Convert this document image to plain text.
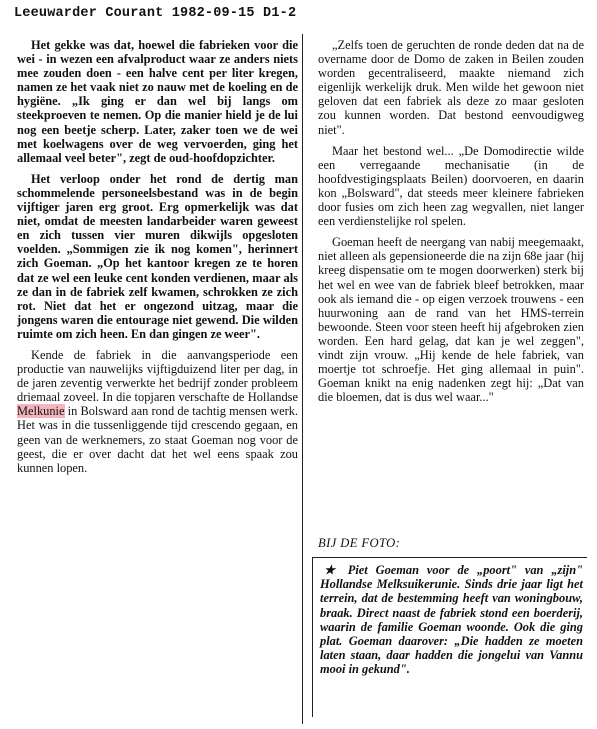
Leeuwarder Courant 1982-09-15 D1-2

Het gekke was dat, hoewel die fabrieken voor die wei - in wezen een afvalproduct waar ze anders niets mee zouden doen - een halve cent per liter kregen, namen ze het vaak niet zo nauw met de koeling en de hygiëne. „Ik ging er dan wel bij langs om steekproeven te nemen. Op die manier hield je de lui nog een beetje scherp. Later, zaker toen we de wei met koelwagens over de weg vervoerden, ging het allemaal veel beter", zegt de oud-hoofdopzichter.

Het verloop onder het rond de dertig man schommelende personeelsbestand was in de begin vijftiger jaren erg groot. Erg opmerkelijk was dat niet, omdat de meesten landarbeider waren geweest en zich tussen vier muren dikwijls opgesloten voelden. „Sommigen zie ik nog komen", herinnert zich Goeman. „Op het kantoor kregen ze te horen dat ze wel een leuke cent konden verdienen, maar als ze dan in de fabriek zelf kwamen, schrokken ze zich rot. Niet dat het er ongezond uitzag, maar die jongens waren die entourage niet gewend. Die wilden ruimte om zich heen. En dan gingen ze weer".

Kende de fabriek in die aanvangsperiode een productie van nauwelijks vijftigduizend liter per dag, in de jaren zeventig verwerkte het bedrijf zonder probleem driemaal zoveel. In die topjaren verschafte de Hollandse Melkunie in Bolsward aan rond de tachtig mensen werk. Het was in die tussenliggende tijd crescendo gegaan, en geen van de werknemers, zo staat Goeman nog voor de geest, die er over dacht dat het wel eens spaak zou kunnen lopen.

„Zelfs toen de geruchten de ronde deden dat na de overname door de Domo de zaken in Beilen zouden worden gecentraliseerd, maakte niemand zich eigenlijk werkelijk druk. Men wilde het gewoon niet geloven dat een fabriek als deze zo maar gesloten zou kunnen worden. Dat bestond eenvoudigweg niet".

Maar het bestond wel... „De Domodirectie wilde een verregaande mechanisatie (in de hoofdvestigingsplaats Beilen) doorvoeren, en daarin kon „Bolsward", dat steeds meer kleinere fabrieken door fusies om zich heen zag wegvallen, niet langer een verdienstelijke rol spelen.

Goeman heeft de neergang van nabij meegemaakt, niet alleen als gepensioneerde die na zijn 68e jaar (hij kreeg dispensatie om te mogen doorwerken) sterk bij het wel en wee van de fabriek bleef betrokken, maar ook als iemand die - op eigen verzoek trouwens - een huurwoning aan de rand van het HMS-terrein bewoonde. Steen voor steen heeft hij afgebroken zien worden. Een hard gelag, dat kan je wel zeggen", vindt zijn vrouw. „Hij kende de hele fabriek, van moertje tot schroefje. Het ging allemaal in puin". Goeman knikt na enig nadenken zegt hij: „Dat van die bloemen, dat is dus wel waar..."

BIJ DE FOTO:

★ Piet Goeman voor de „poort" van „zijn" Hollandse Melksuikerunie. Sinds drie jaar ligt het terrein, dat de bestemming heeft van woningbouw, braak. Direct naast de fabriek stond een boerderij, waarin de familie Goeman woonde. Ook die ging plat. Goeman daarover: „Die hadden ze moeten laten staan, daar hadden die jongelui van Vannu mooi in gekund".
